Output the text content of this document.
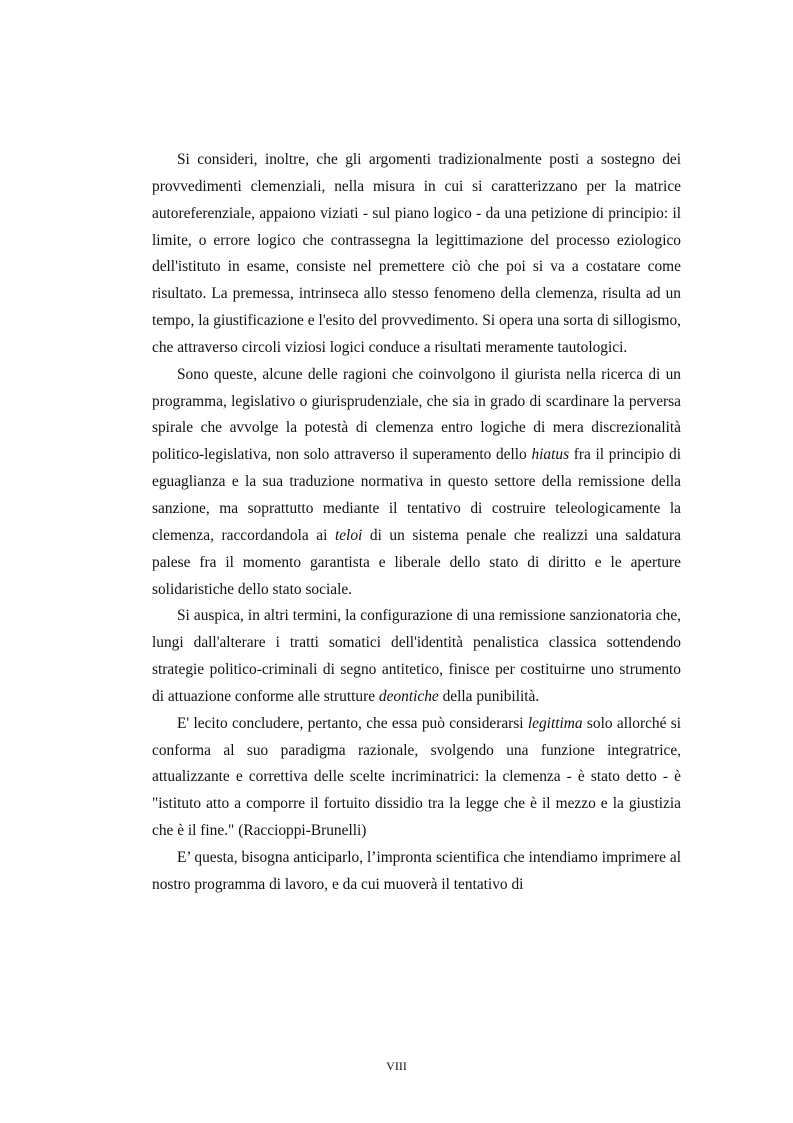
Si consideri, inoltre, che gli argomenti tradizionalmente posti a sostegno dei provvedimenti clemenziali, nella misura in cui si caratterizzano per la matrice autoreferenziale, appaiono viziati - sul piano logico - da una petizione di principio: il limite, o errore logico che contrassegna la legittimazione del processo eziologico dell'istituto in esame, consiste nel premettere ciò che poi si va a costatare come risultato. La premessa, intrinseca allo stesso fenomeno della clemenza, risulta ad un tempo, la giustificazione e l'esito del provvedimento. Si opera una sorta di sillogismo, che attraverso circoli viziosi logici conduce a risultati meramente tautologici.

Sono queste, alcune delle ragioni che coinvolgono il giurista nella ricerca di un programma, legislativo o giurisprudenziale, che sia in grado di scardinare la perversa spirale che avvolge la potestà di clemenza entro logiche di mera discrezionalità politico-legislativa, non solo attraverso il superamento dello hiatus fra il principio di eguaglianza e la sua traduzione normativa in questo settore della remissione della sanzione, ma soprattutto mediante il tentativo di costruire teleologicamente la clemenza, raccordandola ai teloi di un sistema penale che realizzi una saldatura palese fra il momento garantista e liberale dello stato di diritto e le aperture solidaristiche dello stato sociale.

Si auspica, in altri termini, la configurazione di una remissione sanzionatoria che, lungi dall'alterare i tratti somatici dell'identità penalistica classica sottendendo strategie politico-criminali di segno antitetico, finisce per costituirne uno strumento di attuazione conforme alle strutture deontiche della punibilità.

E' lecito concludere, pertanto, che essa può considerarsi legittima solo allorché si conforma al suo paradigma razionale, svolgendo una funzione integratrice, attualizzante e correttiva delle scelte incriminatrici: la clemenza - è stato detto - è "istituto atto a comporre il fortuito dissidio tra la legge che è il mezzo e la giustizia che è il fine." (Raccioppi-Brunelli)

E’ questa, bisogna anticiparlo, l’impronta scientifica che intendiamo imprimere al nostro programma di lavoro, e da cui muoverà il tentativo di

VIII
